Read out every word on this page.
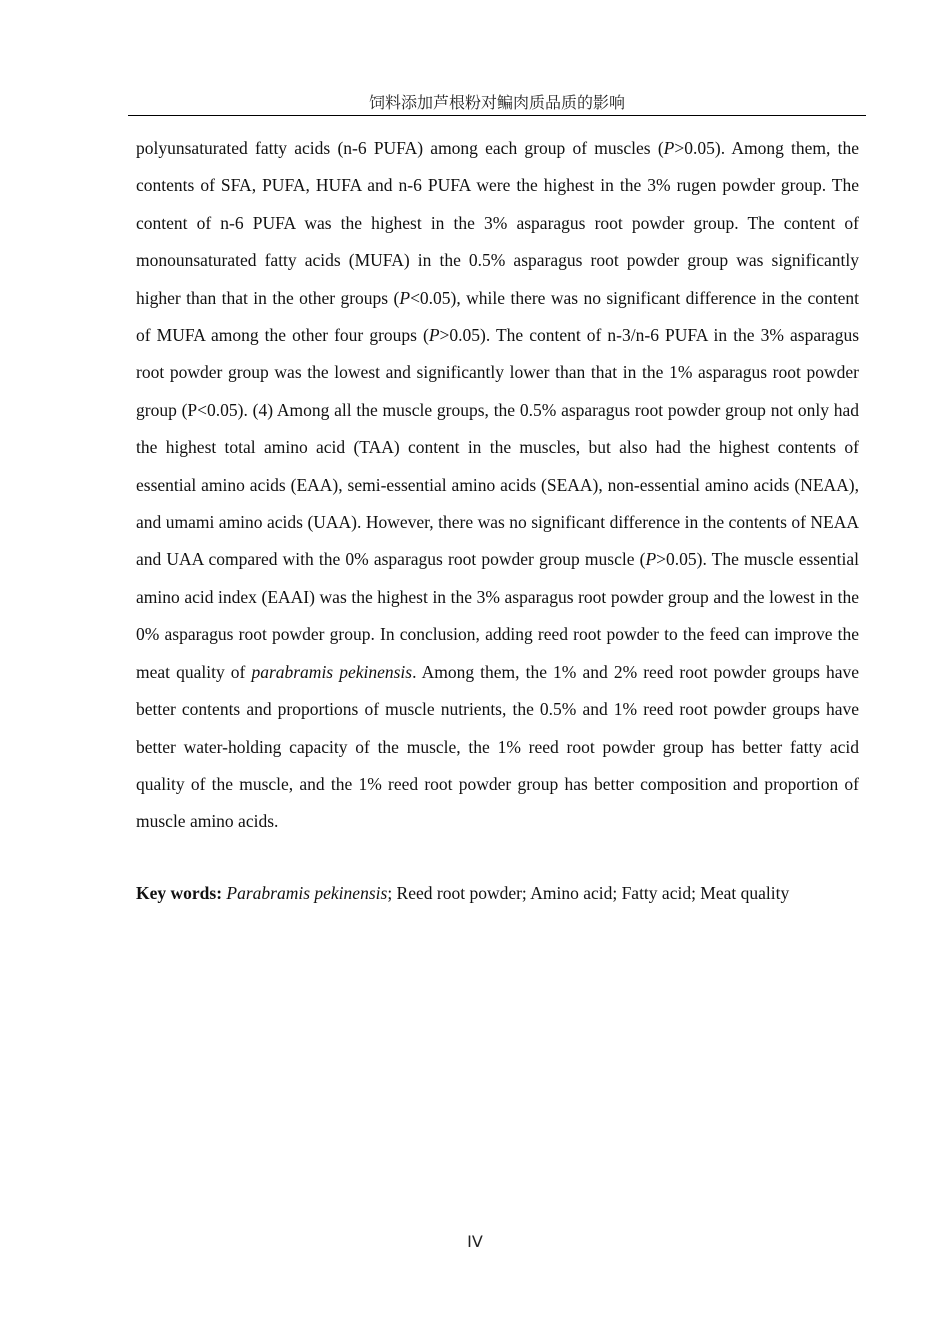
饲料添加芦根粉对鳊肉质品质的影响

polyunsaturated fatty acids (n-6 PUFA) among each group of muscles (P>0.05). Among them, the contents of SFA, PUFA, HUFA and n-6 PUFA were the highest in the 3% rugen powder group. The content of n-6 PUFA was the highest in the 3% asparagus root powder group. The content of monounsaturated fatty acids (MUFA) in the 0.5% asparagus root powder group was significantly higher than that in the other groups (P<0.05), while there was no significant difference in the content of MUFA among the other four groups (P>0.05). The content of n-3/n-6 PUFA in the 3% asparagus root powder group was the lowest and significantly lower than that in the 1% asparagus root powder group (P<0.05). (4) Among all the muscle groups, the 0.5% asparagus root powder group not only had the highest total amino acid (TAA) content in the muscles, but also had the highest contents of essential amino acids (EAA), semi-essential amino acids (SEAA), non-essential amino acids (NEAA), and umami amino acids (UAA). However, there was no significant difference in the contents of NEAA and UAA compared with the 0% asparagus root powder group muscle (P>0.05). The muscle essential amino acid index (EAAI) was the highest in the 3% asparagus root powder group and the lowest in the 0% asparagus root powder group. In conclusion, adding reed root powder to the feed can improve the meat quality of parabramis pekinensis. Among them, the 1% and 2% reed root powder groups have better contents and proportions of muscle nutrients, the 0.5% and 1% reed root powder groups have better water-holding capacity of the muscle, the 1% reed root powder group has better fatty acid quality of the muscle, and the 1% reed root powder group has better composition and proportion of muscle amino acids.

Key words: Parabramis pekinensis; Reed root powder; Amino acid; Fatty acid; Meat quality

IV
